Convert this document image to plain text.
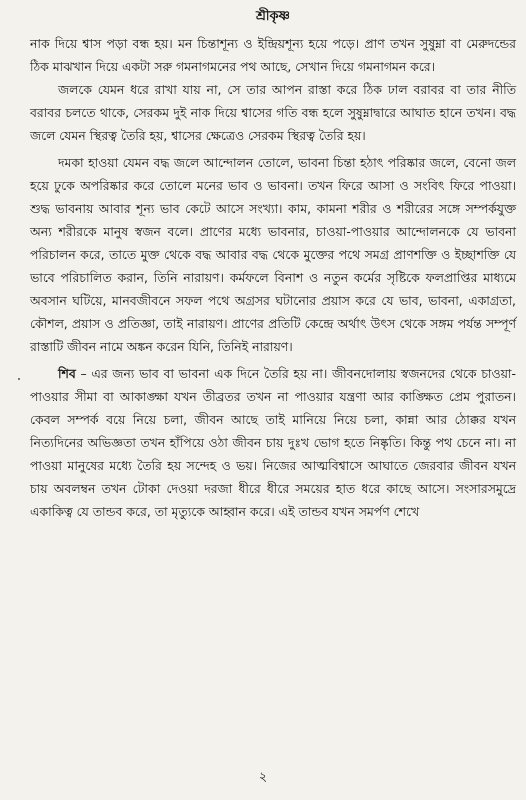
শ্রীকৃষ্ণ

নাক দিয়ে শ্বাস পড়া বন্ধ হয়। মন চিন্তাশূন্য ও ইন্দ্রিয়শূন্য হয়ে পড়ে। প্রাণ তখন সুষুম্না বা মেরুদন্ডের ঠিক মাঝখান দিয়ে একটা সরু গমনাগমনের পথ আছে, সেখান দিয়ে গমনাগমন করে।

জলকে যেমন ধরে রাখা যায় না, সে তার আপন রাস্তা করে ঠিক ঢাল বরাবর বা তার নীতি বরাবর চলতে থাকে, সেরকম দুই নাক দিয়ে শ্বাসের গতি বন্ধ হলে সুষুম্নাদ্বারে আঘাত হানে তখন। বদ্ধ জলে যেমন স্থিরত্ব তৈরি হয়, শ্বাসের ক্ষেত্রেও সেরকম স্থিরত্ব তৈরি হয়।

দমকা হাওয়া যেমন বদ্ধ জলে আন্দোলন তোলে, ভাবনা চিন্তা হঠাৎ পরিষ্কার জলে, বেনো জল হয়ে ঢুকে অপরিষ্কার করে তোলে মনের ভাব ও ভাবনা। তখন ফিরে আসা ও সংবিৎ ফিরে পাওয়া। শুদ্ধ ভাবনায় আবার শূন্য ভাব কেটে আসে সংখ্যা। কাম, কামনা শরীর ও শরীরের সঙ্গে সম্পর্কযুক্ত অন্য শরীরকে মানুষ স্বজন বলে। প্রাণের মধ্যে ভাবনার, চাওয়া-পাওয়ার আন্দোলনকে যে ভাবনা পরিচালন করে, তাতে মুক্ত থেকে বদ্ধ আবার বদ্ধ থেকে মুক্তের পথে সমগ্র প্রাণশক্তি ও ইচ্ছাশক্তি যে ভাবে পরিচালিত করান, তিনি নারায়ণ। কর্মফলে বিনাশ ও নতুন কর্মের সৃষ্টিকে ফলপ্রাপ্তির মাধ্যমে অবসান ঘটিয়ে, মানবজীবনে সফল পথে অগ্রসর ঘটানোর প্রয়াস করে যে ভাব, ভাবনা, একাগ্রতা, কৌশল, প্রয়াস ও প্রতিজ্ঞা, তাই নারায়ণ। প্রাণের প্রতিটি কেন্দ্রে অর্থাৎ উৎস থেকে সঙ্গম পর্যন্ত সম্পূর্ণ রাস্তাটি জীবন নামে অঙ্কন করেন যিনি, তিনিই নারায়ণ।

শিব – এর জন্য ভাব বা ভাবনা এক দিনে তৈরি হয় না। জীবনদোলায় স্বজনদের থেকে চাওয়া-পাওয়ার সীমা বা আকাঙ্ক্ষা যখন তীব্রতর তখন না পাওয়ার যন্ত্রণা আর কাঙ্ক্ষিত প্রেম পুরাতন। কেবল সম্পর্ক বয়ে নিয়ে চলা, জীবন আছে তাই মানিয়ে নিয়ে চলা, কান্না আর ঠোক্কর যখন নিত্যদিনের অভিজ্ঞতা তখন হাঁপিয়ে ওঠা জীবন চায় দুঃখ ভোগ হতে নিষ্কৃতি। কিন্তু পথ চেনে না। না পাওয়া মানুষের মধ্যে তৈরি হয় সন্দেহ ও ভয়। নিজের আত্মবিশ্বাসে আঘাতে জেরবার জীবন যখন চায় অবলম্বন তখন টোকা দেওয়া দরজা ধীরে ধীরে সময়ের হাত ধরে কাছে আসে। সংসারসমুদ্রে একাকিত্ব যে তান্ডব করে, তা মৃত্যুকে আহ্বান করে। এই তান্ডব যখন সমর্পণ শেখে

২
